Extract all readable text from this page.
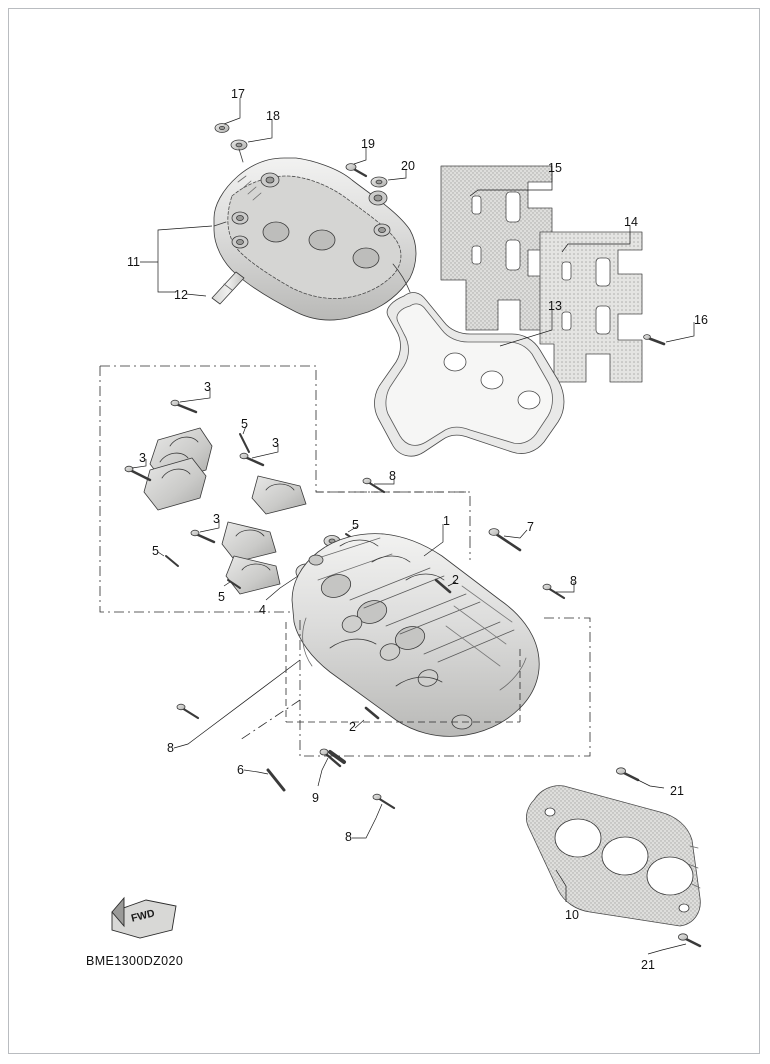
17
18
19
20	15
14
13
16
11
12
3
5
3
3
3
5
5
4
8
5	1	7
2	8
8
2
6
9
8
21
10
21
FWD
BME1300DZ020
